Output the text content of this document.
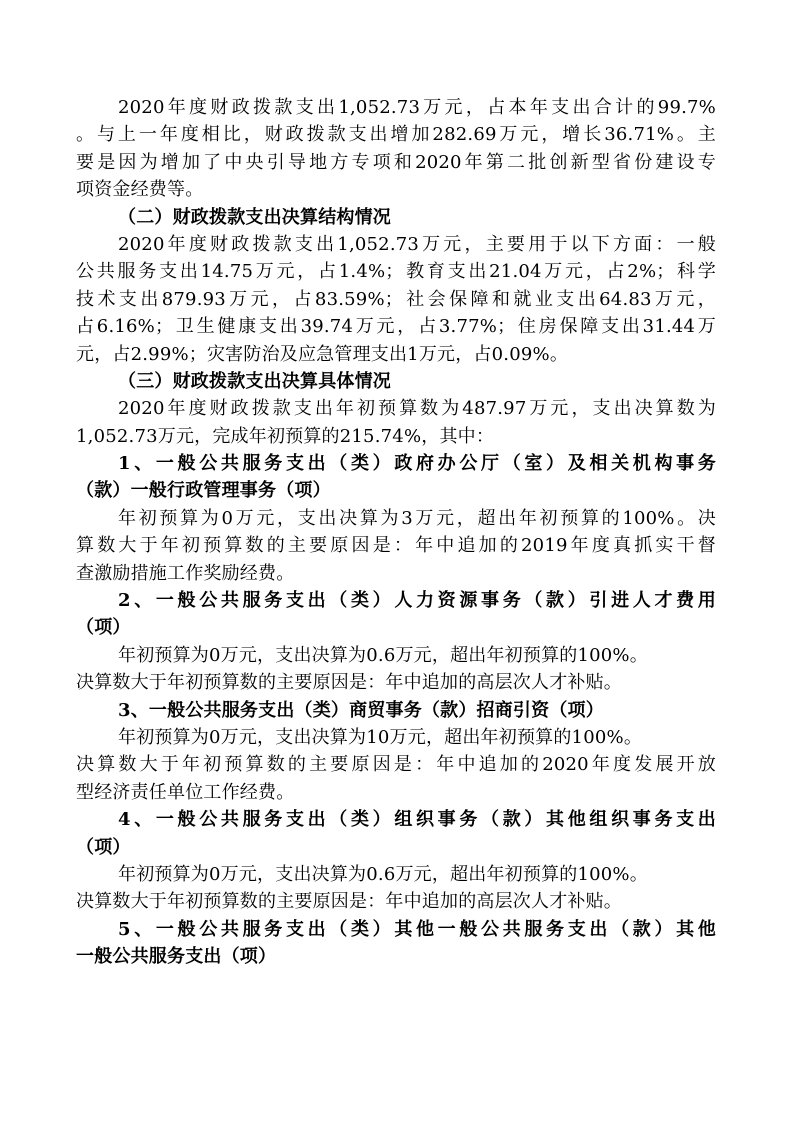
2020年度财政拨款支出1,052.73万元，占本年支出合计的99.7%
。与上一年度相比，财政拨款支出增加282.69万元，增长36.71%。主
要是因为增加了中央引导地方专项和2020年第二批创新型省份建设专
项资金经费等。
（二）财政拨款支出决算结构情况
2020年度财政拨款支出1,052.73万元，主要用于以下方面：一般
公共服务支出14.75万元，占1.4%；教育支出21.04万元，占2%；科学
技术支出879.93万元，占83.59%；社会保障和就业支出64.83万元，
占6.16%；卫生健康支出39.74万元，占3.77%；住房保障支出31.44万
元，占2.99%；灾害防治及应急管理支出1万元，占0.09%。
（三）财政拨款支出决算具体情况
2020年度财政拨款支出年初预算数为487.97万元，支出决算数为
1,052.73万元，完成年初预算的215.74%，其中：
1、一般公共服务支出（类）政府办公厅（室）及相关机构事务
（款）一般行政管理事务（项）
年初预算为0万元，支出决算为3万元，超出年初预算的100%。决
算数大于年初预算数的主要原因是：年中追加的2019年度真抓实干督
查激励措施工作奖励经费。
2、一般公共服务支出（类）人力资源事务（款）引进人才费用
（项）
年初预算为0万元，支出决算为0.6万元，超出年初预算的100%。
决算数大于年初预算数的主要原因是：年中追加的高层次人才补贴。
3、一般公共服务支出（类）商贸事务（款）招商引资（项）
年初预算为0万元，支出决算为10万元，超出年初预算的100%。
决算数大于年初预算数的主要原因是：年中追加的2020年度发展开放
型经济责任单位工作经费。
4、一般公共服务支出（类）组织事务（款）其他组织事务支出
（项）
年初预算为0万元，支出决算为0.6万元，超出年初预算的100%。
决算数大于年初预算数的主要原因是：年中追加的高层次人才补贴。
5、一般公共服务支出（类）其他一般公共服务支出（款）其他
一般公共服务支出（项）
